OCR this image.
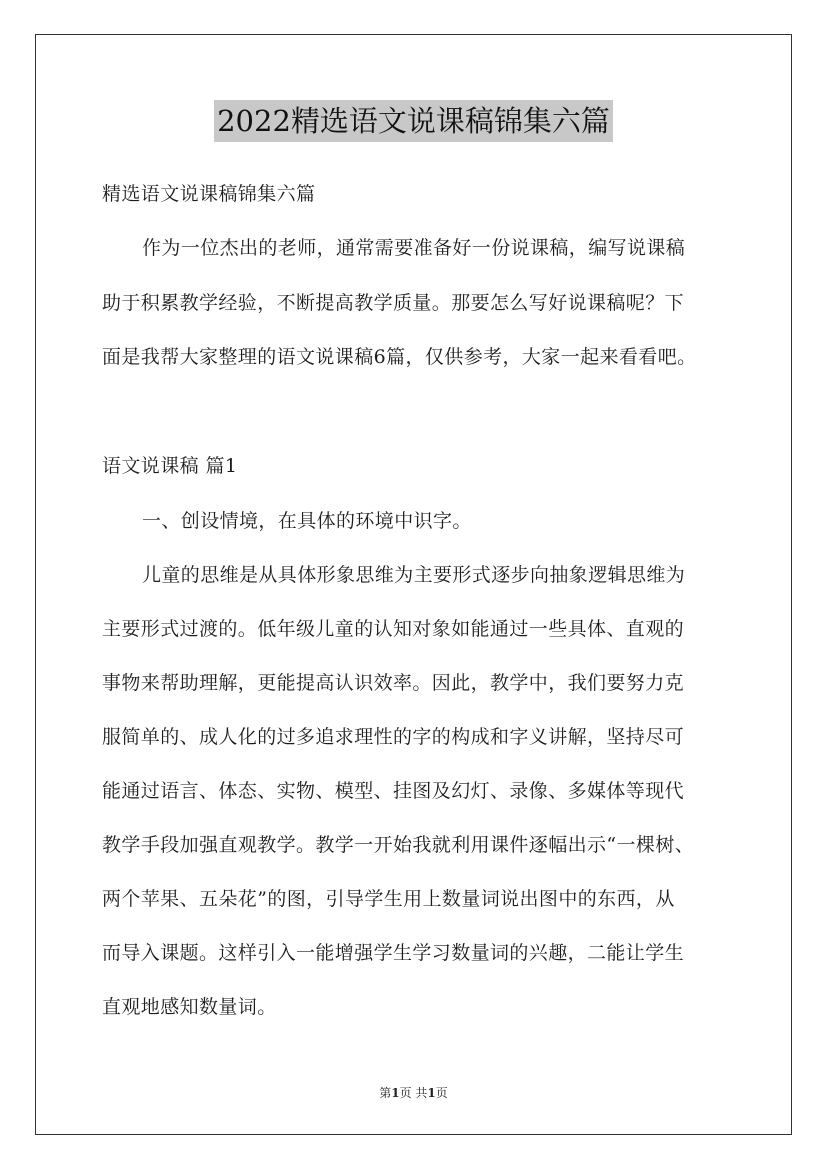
2022精选语文说课稿锦集六篇
精选语文说课稿锦集六篇
作为一位杰出的老师，通常需要准备好一份说课稿，编写说课稿
助于积累教学经验，不断提高教学质量。那要怎么写好说课稿呢？下
面是我帮大家整理的语文说课稿6篇，仅供参考，大家一起来看看吧。
语文说课稿 篇1
一、创设情境，在具体的环境中识字。
儿童的思维是从具体形象思维为主要形式逐步向抽象逻辑思维为
主要形式过渡的。低年级儿童的认知对象如能通过一些具体、直观的
事物来帮助理解，更能提高认识效率。因此，教学中，我们要努力克
服简单的、成人化的过多追求理性的字的构成和字义讲解，坚持尽可
能通过语言、体态、实物、模型、挂图及幻灯、录像、多媒体等现代
教学手段加强直观教学。教学一开始我就利用课件逐幅出示“一棵树、
两个苹果、五朵花”的图，引导学生用上数量词说出图中的东西，从
而导入课题。这样引入一能增强学生学习数量词的兴趣，二能让学生
直观地感知数量词。
第1页 共1页
